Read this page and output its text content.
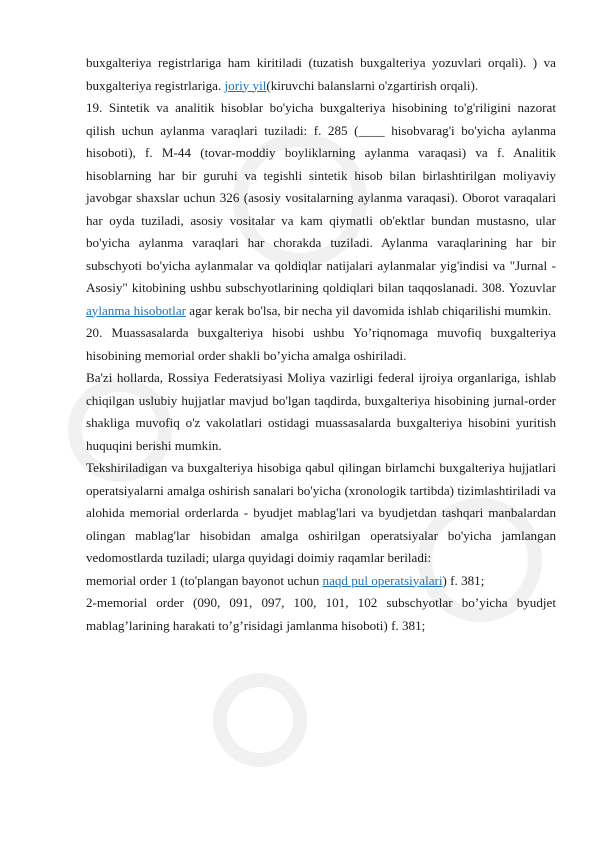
buxgalteriya registrlariga ham kiritiladi (tuzatish buxgalteriya yozuvlari orqali). ) va buxgalteriya registrlariga. joriy yil(kiruvchi balanslarni o'zgartirish orqali).

19. Sintetik va analitik hisoblar bo'yicha buxgalteriya hisobining to'g'riligini nazorat qilish uchun aylanma varaqlari tuziladi: f. 285 (____ hisobvarag'i bo'yicha aylanma hisoboti), f. M-44 (tovar-moddiy boyliklarning aylanma varaqasi) va f. Analitik hisoblarning har bir guruhi va tegishli sintetik hisob bilan birlashtirilgan moliyaviy javobgar shaxslar uchun 326 (asosiy vositalarning aylanma varaqasi). Oborot varaqalari har oyda tuziladi, asosiy vositalar va kam qiymatli ob'ektlar bundan mustasno, ular bo'yicha aylanma varaqlari har chorakda tuziladi. Aylanma varaqlarining har bir subschyoti bo'yicha aylanmalar va qoldiqlar natijalari aylanmalar yig'indisi va "Jurnal - Asosiy" kitobining ushbu subschyotlarining qoldiqlari bilan taqqoslanadi. 308. Yozuvlar aylanma hisobotlar agar kerak bo'lsa, bir necha yil davomida ishlab chiqarilishi mumkin.

20. Muassasalarda buxgalteriya hisobi ushbu Yo’riqnomaga muvofiq buxgalteriya hisobining memorial order shakli bo’yicha amalga oshiriladi.

Ba'zi hollarda, Rossiya Federatsiyasi Moliya vazirligi federal ijroiya organlariga, ishlab chiqilgan uslubiy hujjatlar mavjud bo'lgan taqdirda, buxgalteriya hisobining jurnal-order shakliga muvofiq o'z vakolatlari ostidagi muassasalarda buxgalteriya hisobini yuritish huquqini berishi mumkin.

Tekshiriladigan va buxgalteriya hisobiga qabul qilingan birlamchi buxgalteriya hujjatlari operatsiyalarni amalga oshirish sanalari bo'yicha (xronologik tartibda) tizimlashtiriladi va alohida memorial orderlarda - byudjet mablag'lari va byudjetdan tashqari manbalardan olingan mablag'lar hisobidan amalga oshirilgan operatsiyalar bo'yicha jamlangan vedomostlarda tuziladi; ularga quyidagi doimiy raqamlar beriladi:

memorial order 1 (to'plangan bayonot uchun naqd pul operatsiyalari) f. 381;

2-memorial order (090, 091, 097, 100, 101, 102 subschyotlar bo’yicha byudjet mablag’larining harakati to’g’risidagi jamlanma hisoboti) f. 381;
